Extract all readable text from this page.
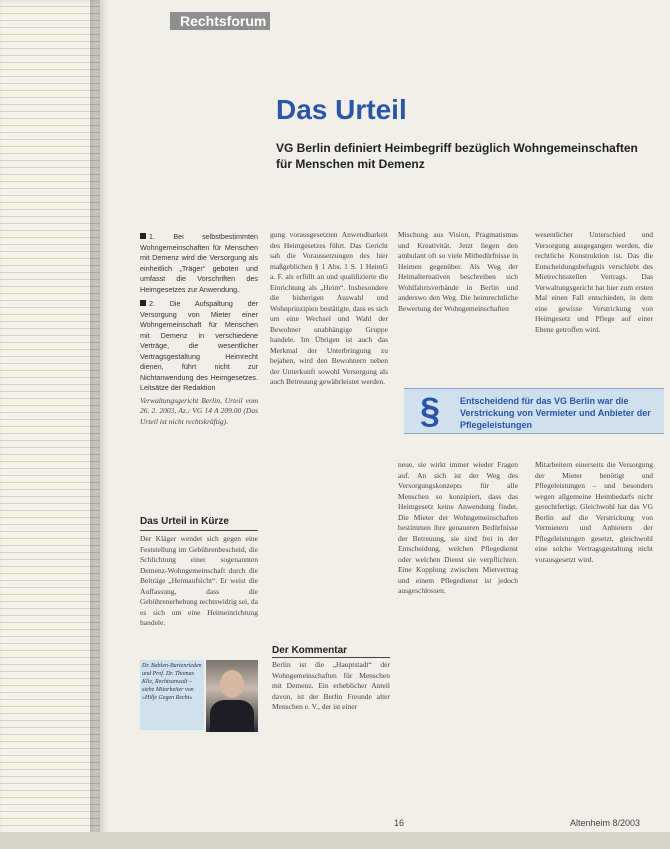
Rechtsforum
Das Urteil
VG Berlin definiert Heimbegriff bezüglich Wohngemeinschaften für Menschen mit Demenz
1. Bei selbstbestimmten Wohngemeinschaften für Menschen mit Demenz wird die Versorgung als einheitlich „Träger“ geboten und umfasst die Vorschriften des Heimgesetzes zur Anwendung.
2. Die Aufspaltung der Versorgung von Mieter einer Wohngemeinschaft für Menschen mit Demenz in verschiedene Verträge, die wesentlicher Vertragsgestaltung Heimrecht dienen, führt nicht zur Nichtanwendung des Heimgesetzes. Leitsätze der Redaktion
Verwaltungsgericht Berlin, Urteil vom 26. 2. 2003, Az.: VG 14 A 209.00 (Das Urteil ist nicht rechtskräftig).
Das Urteil in Kürze
Der Kläger wendet sich gegen eine Feststellung im Gebührenbescheid, die Schlichtung einer sogenannten Demenz-Wohngemeinschaft durch die Beiträge „Heimaufsicht“. Er weist die Auffassung, dass die Gebührenerhebung rechtswidrig sei, da es sich um eine Heimeinrichtung handele.
gung vorausgesetzten Anwendbarkeit des Heimgesetzes führt. Das Gericht sah die Voraussetzungen des hier maßgeblichen § 1 Abs. 1 S. 1 HeimG a. F. als erfüllt an und qualifizierte die Einrichtung als „Heim“. Insbesondere die bisherigen Auswahl und Wohnprinzipien bestätigte, dass es sich um eine Wechsel und Wahl der Bewohner unabhängige Gruppe handele. Im Übrigen ist auch das Merkmal der Unterbringung zu bejahen, wird den Bewohnern neben der Unterkunft sowohl Versorgung als auch Betreuung gewährleistet werden.
Der Kommentar
Berlin ist die „Hauptstadt“ der Wohngemeinschaften für Menschen mit Demenz. Ein erheblicher Anteil davon, ist der Berlin Freunde alter Menschen e. V., der ist einer
Mischung aus Vision, Pragmatismus und Kreativität. Jetzt liegen den ambulant oft so viele Mitbedürfnisse in Heimen gegenüber. Als Weg der Heimalternativen beschreiben sich Wohlfahrtsverbände in Berlin und anderswo den Weg. Die heimrechtliche Bewertung der Wohngemeinschaften
wesentlicher Unterschied und Versorgung ausgegangen werden, die rechtliche Konstruktion ist. Das die Entscheidungsbefugnis verschiebt des Mietrechtsstellen Vertrags. Das Verwaltungsgericht hat hier zum ersten Mal einen Fall entschieden, in dem eine gewisse Verstrickung von Heimgesetz und Pflege auf einer Ebene getroffen wird.
§	Entscheidend für das VG Berlin war die Verstrickung von Vermieter und Anbieter der Pflegeleistungen
neue, sie wirkt immer wieder Fragen auf. An sich ist der Weg des Versorgungskonzepts für alle Menschen so konzipiert, dass das Heimgesetz keine Anwendung findet. Die Mieter der Wohngemeinschaften bestimmen ihre genaueren Bedürfnisse der Betreuung, sie sind frei in der Entscheidung, welchen Pflegedienst oder welchen Dienst sie verpflichten. Eine Kopplung zwischen Mietvertrag und einem Pflegedienst ist jedoch ausgeschlossen.
Mitarbeitern einerseits die Versorgung der Mieter benötigt und Pflegeleistungen – und besonders wegen allgemeine Heimbedarfs nicht gerechtfertigt. Gleichwohl hat das VG Berlin auf die Verstrickung von Vermietern und Anbietern der Pflegeleistungen gesetzt, gleichwohl eine solche Vertragsgestaltung nicht vorausgesetzt wird.
Dr. Bahlen-Bartenrieden und Prof. Dr. Thomas Klie, Rechtsanwalt – siehe Mitarbeiter von »Hilfe Gegen Recht«
16	Altenheim 8/2003
